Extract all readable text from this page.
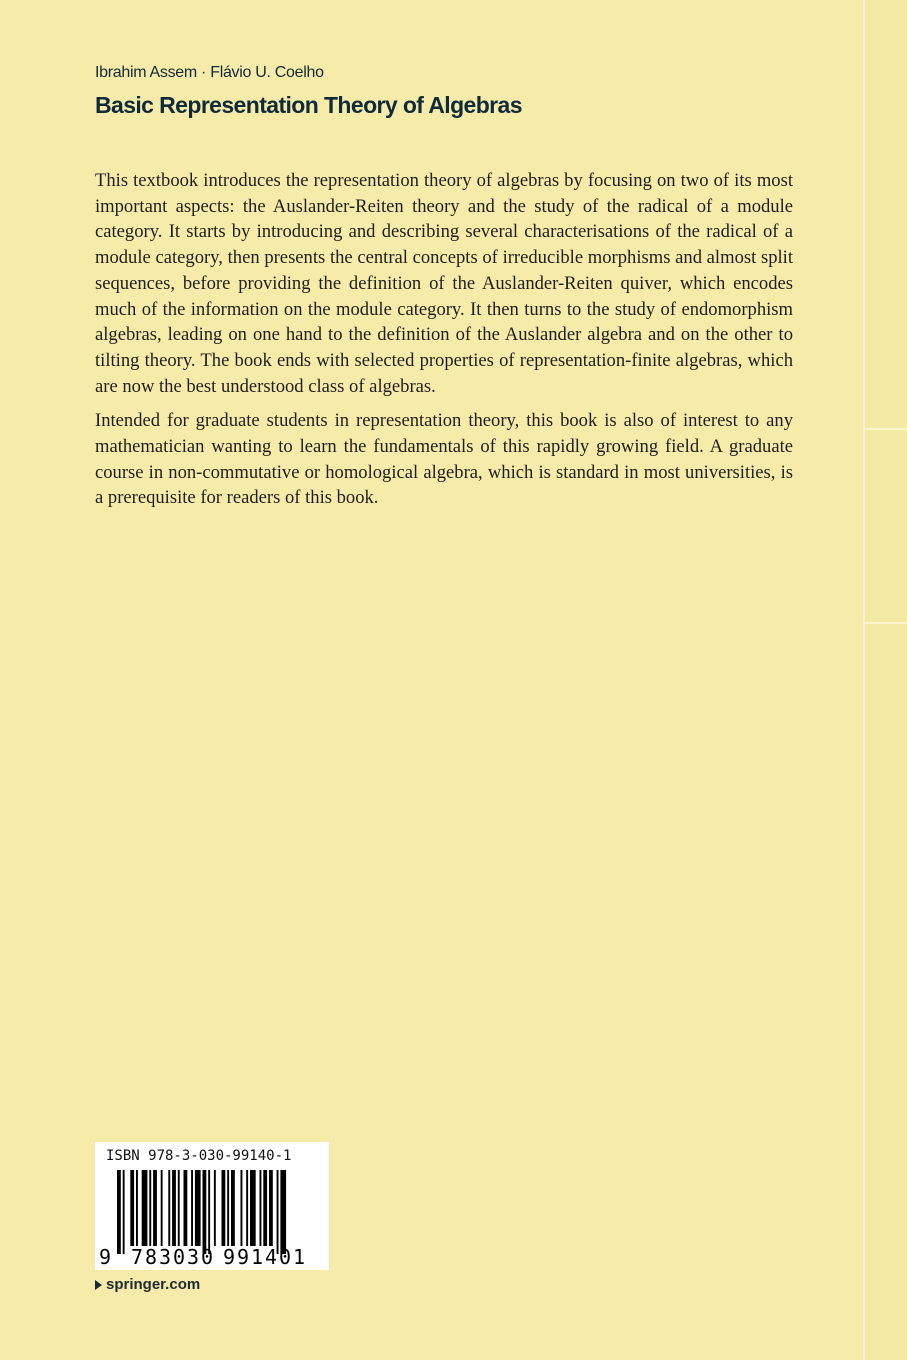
Ibrahim Assem · Flávio U. Coelho
Basic Representation Theory of Algebras

This textbook introduces the representation theory of algebras by focusing on two of its most important aspects: the Auslander-Reiten theory and the study of the radical of a module category. It starts by introducing and describing several characterisations of the radical of a module category, then presents the central concepts of irreducible morphisms and almost split sequences, before providing the definition of the Auslander-Reiten quiver, which encodes much of the information on the module category. It then turns to the study of endomorphism algebras, leading on one hand to the definition of the Auslander algebra and on the other to tilting theory. The book ends with selected properties of representation-finite algebras, which are now the best understood class of algebras.

Intended for graduate students in representation theory, this book is also of interest to any mathematician wanting to learn the fundamentals of this rapidly growing field. A graduate course in non-commutative or homological algebra, which is standard in most universities, is a prerequisite for readers of this book.

ISBN 978-3-030-99140-1
9 783030 991401
springer.com
